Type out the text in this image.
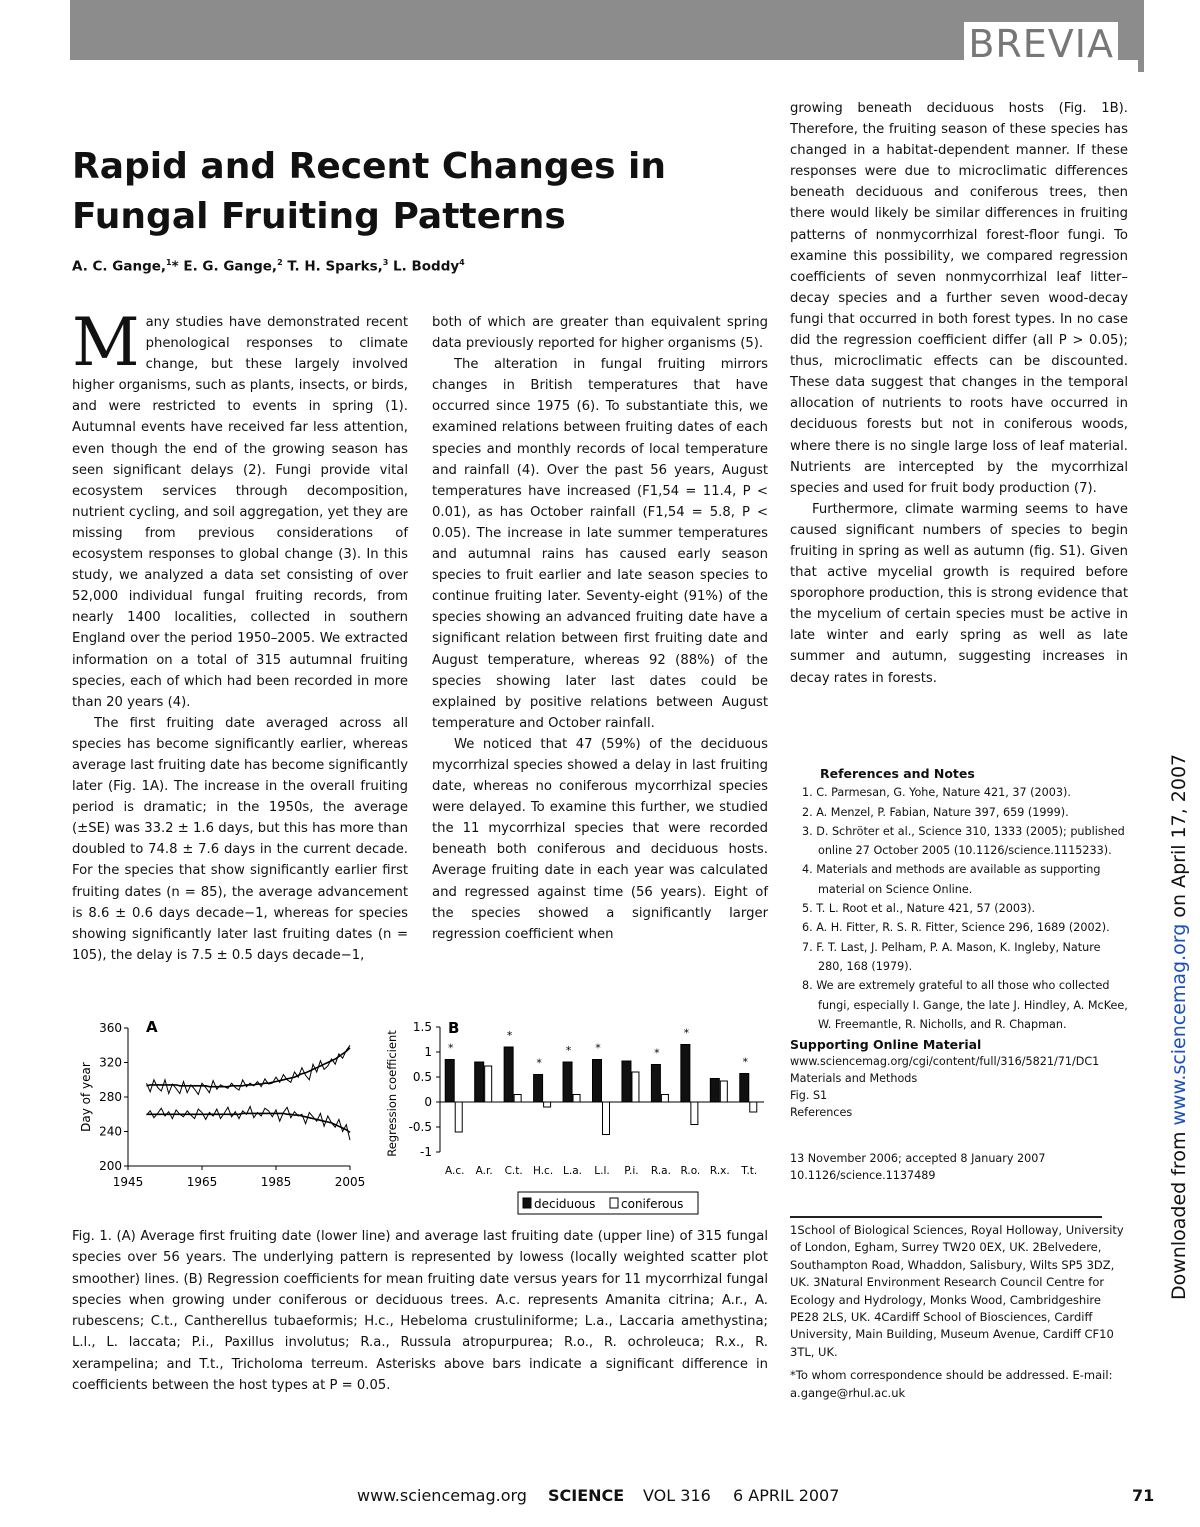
BREVIA
Rapid and Recent Changes in Fungal Fruiting Patterns
A. C. Gange,$^1$* E. G. Gange,$^2$ T. H. Sparks,$^3$ L. Boddy$^4$
M any studies have demonstrated recent phenological responses to climate change, but these largely involved higher organisms, such as plants, insects, or birds, and were restricted to events in spring (1). Autumnal events have received far less attention, even though the end of the growing season has seen significant delays (2). Fungi provide vital ecosystem services through decomposition, nutrient cycling, and soil aggregation, yet they are missing from previous considerations of ecosystem responses to global change (3). In this study, we analyzed a data set consisting of over 52,000 individual fungal fruiting records, from nearly 1400 localities, collected in southern England over the period 1950–2005. We extracted information on a total of 315 autumnal fruiting species, each of which had been recorded in more than 20 years (4).

The first fruiting date averaged across all species has become significantly earlier, whereas average last fruiting date has become significantly later (Fig. 1A). The increase in the overall fruiting period is dramatic; in the 1950s, the average (±SE) was 33.2 ± 1.6 days, but this has more than doubled to 74.8 ± 7.6 days in the current decade. For the species that show significantly earlier first fruiting dates (n = 85), the average advancement is 8.6 ± 0.6 days decade−1, whereas for species showing significantly later last fruiting dates (n = 105), the delay is 7.5 ± 0.5 days decade−1,

both of which are greater than equivalent spring data previously reported for higher organisms (5).

The alteration in fungal fruiting mirrors changes in British temperatures that have occurred since 1975 (6). To substantiate this, we examined relations between fruiting dates of each species and monthly records of local temperature and rainfall (4). Over the past 56 years, August temperatures have increased (F1,54 = 11.4, P < 0.01), as has October rainfall (F1,54 = 5.8, P < 0.05). The increase in late summer temperatures and autumnal rains has caused early season species to fruit earlier and late season species to continue fruiting later. Seventy-eight (91%) of the species showing an advanced fruiting date have a significant relation between first fruiting date and August temperature, whereas 92 (88%) of the species showing later last dates could be explained by positive relations between August temperature and October rainfall.

We noticed that 47 (59%) of the deciduous mycorrhizal species showed a delay in last fruiting date, whereas no coniferous mycorrhizal species were delayed. To examine this further, we studied the 11 mycorrhizal species that were recorded beneath both coniferous and deciduous hosts. Average fruiting date in each year was calculated and regressed against time (56 years). Eight of the species showed a significantly larger regression coefficient when

growing beneath deciduous hosts (Fig. 1B). Therefore, the fruiting season of these species has changed in a habitat-dependent manner. If these responses were due to microclimatic differences beneath deciduous and coniferous trees, then there would likely be similar differences in fruiting patterns of nonmycorrhizal forest-floor fungi. To examine this possibility, we compared regression coefficients of seven nonmycorrhizal leaf litter–decay species and a further seven wood-decay fungi that occurred in both forest types. In no case did the regression coefficient differ (all P > 0.05); thus, microclimatic effects can be discounted. These data suggest that changes in the temporal allocation of nutrients to roots have occurred in deciduous forests but not in coniferous woods, where there is no single large loss of leaf material. Nutrients are intercepted by the mycorrhizal species and used for fruit body production (7).

Furthermore, climate warming seems to have caused significant numbers of species to begin fruiting in spring as well as autumn (fig. S1). Given that active mycelial growth is required before sporophore production, this is strong evidence that the mycelium of certain species must be active in late winter and early spring as well as late summer and autumn, suggesting increases in decay rates in forests.

References and Notes
1. C. Parmesan, G. Yohe, Nature 421, 37 (2003).
2. A. Menzel, P. Fabian, Nature 397, 659 (1999).
3. D. Schröter et al., Science 310, 1333 (2005); published online 27 October 2005 (10.1126/science.1115233).
4. Materials and methods are available as supporting material on Science Online.
5. T. L. Root et al., Nature 421, 57 (2003).
6. A. H. Fitter, R. S. R. Fitter, Science 296, 1689 (2002).
7. F. T. Last, J. Pelham, P. A. Mason, K. Ingleby, Nature 280, 168 (1979).
8. We are extremely grateful to all those who collected fungi, especially I. Gange, the late J. Hindley, A. McKee, W. Freemantle, R. Nicholls, and R. Chapman.
Supporting Online Material
www.sciencemag.org/cgi/content/full/316/5821/71/DC1
Materials and Methods
Fig. S1
References
13 November 2006; accepted 8 January 2007
10.1126/science.1137489
1School of Biological Sciences, Royal Holloway, University of London, Egham, Surrey TW20 0EX, UK. 2Belvedere, Southampton Road, Whaddon, Salisbury, Wilts SP5 3DZ, UK. 3Natural Environment Research Council Centre for Ecology and Hydrology, Monks Wood, Cambridgeshire PE28 2LS, UK. 4Cardiff School of Biosciences, Cardiff University, Main Building, Museum Avenue, Cardiff CF10 3TL, UK.
*To whom correspondence should be addressed. E-mail: a.gange@rhul.ac.uk
200
240
280
320
360
1945	1965	1985	2005
Day of year
A	1.5
1
0.5
0
-0.5
-1
Regression coefficient
B
*
A.c. A.r.
*
C.t.
*
H.c.
*
L.a.
*
L.l. P.i.
*
R.a.
*
R.o. R.x.
*
T.t.
deciduous coniferous
Fig. 1. (A) Average first fruiting date (lower line) and average last fruiting date (upper line) of 315 fungal species over 56 years. The underlying pattern is represented by lowess (locally weighted scatter plot smoother) lines. (B) Regression coefficients for mean fruiting date versus years for 11 mycorrhizal fungal species when growing under coniferous or deciduous trees. A.c. represents Amanita citrina; A.r., A. rubescens; C.t., Cantherellus tubaeformis; H.c., Hebeloma crustuliniforme; L.a., Laccaria amethystina; L.l., L. laccata; P.i., Paxillus involutus; R.a., Russula atropurpurea; R.o., R. ochroleuca; R.x., R. xerampelina; and T.t., Tricholoma terreum. Asterisks above bars indicate a significant difference in coefficients between the host types at P = 0.05.
www.sciencemag.org SCIENCE VOL 316 6 APRIL 2007	71
Downloaded from www.sciencemag.org on April 17, 2007
